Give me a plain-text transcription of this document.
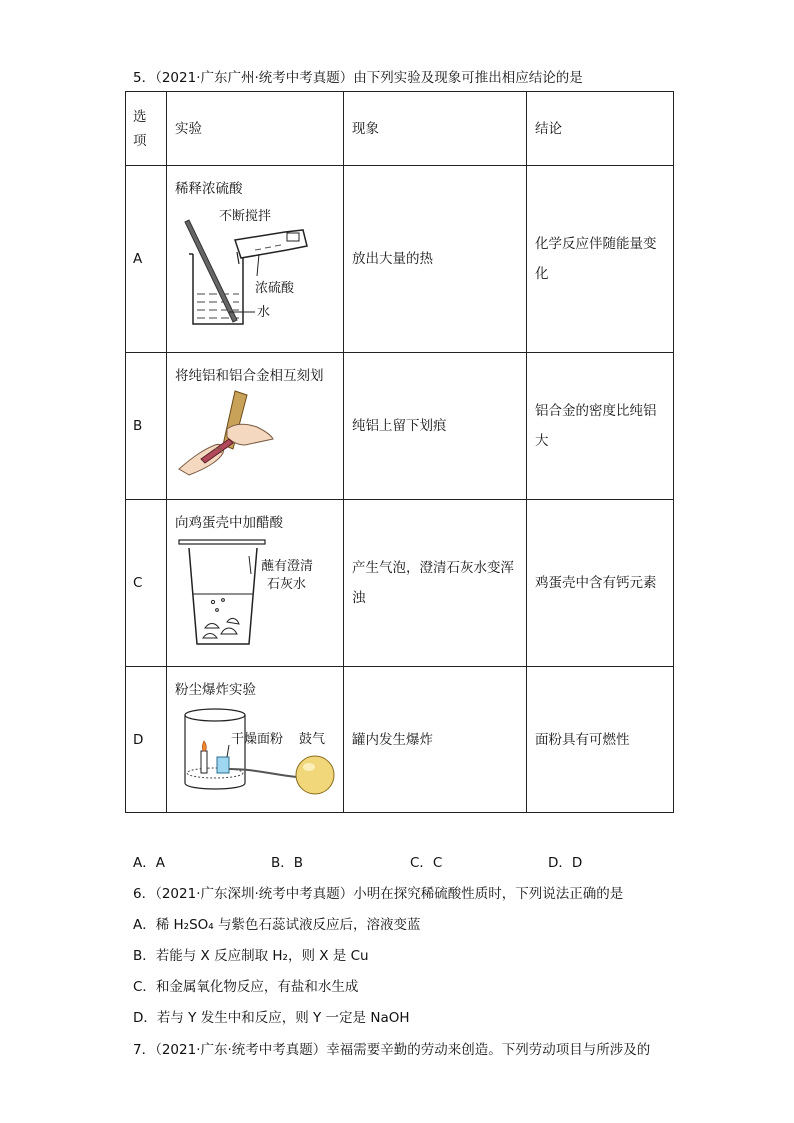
5．（2021·广东广州·统考中考真题）由下列实验及现象可推出相应结论的是
选项	实验	现象	结论
A	稀释浓硫酸
不断搅拌
浓硫酸
水	放出大量的热	化学反应伴随能量变化
B	将纯铝和铝合金相互刻划	纯铝上留下划痕	铝合金的密度比纯铝大
C	向鸡蛋壳中加醋酸
蘸有澄清
石灰水	产生气泡，澄清石灰水变浑浊	鸡蛋壳中含有钙元素
D	粉尘爆炸实验
干燥面粉 鼓气	罐内发生爆炸	面粉具有可燃性
A．A	B．B	C．C	D．D
6．（2021·广东深圳·统考中考真题）小明在探究稀硫酸性质时，下列说法正确的是
A．稀 H₂SO₄ 与紫色石蕊试液反应后，溶液变蓝
B．若能与 X 反应制取 H₂，则 X 是 Cu
C．和金属氧化物反应，有盐和水生成
D．若与 Y 发生中和反应，则 Y 一定是 NaOH
7．（2021·广东·统考中考真题）幸福需要辛勤的劳动来创造。下列劳动项目与所涉及的
